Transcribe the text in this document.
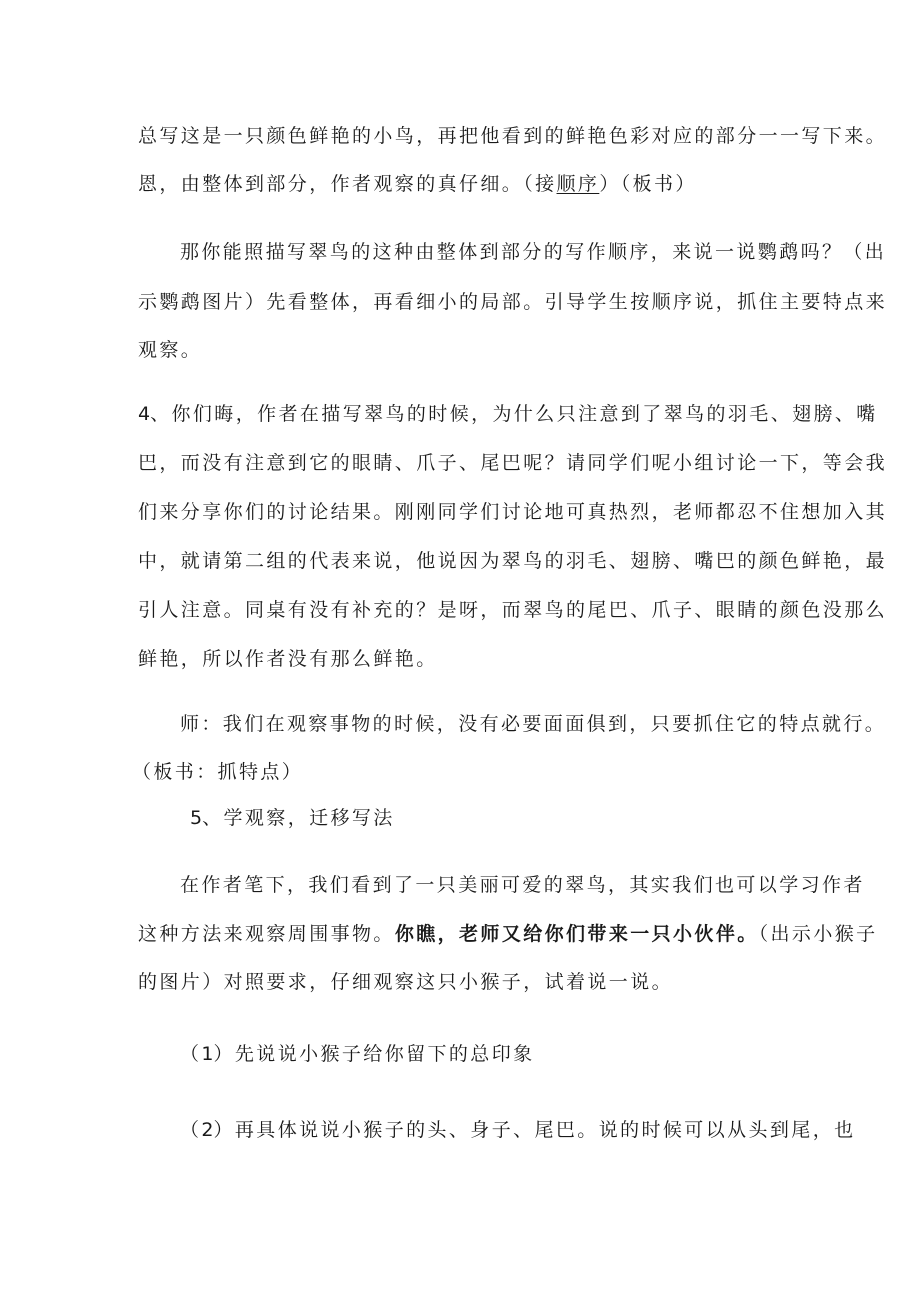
总写这是一只颜色鲜艳的小鸟，再把他看到的鲜艳色彩对应的部分一一写下来。
恩，由整体到部分，作者观察的真仔细。（接顺序）（板书）
那你能照描写翠鸟的这种由整体到部分的写作顺序，来说一说鹦鹉吗？（出
示鹦鹉图片）先看整体，再看细小的局部。引导学生按顺序说，抓住主要特点来
观察。
4、你们晦，作者在描写翠鸟的时候，为什么只注意到了翠鸟的羽毛、翅膀、嘴
巴，而没有注意到它的眼睛、爪子、尾巴呢？请同学们呢小组讨论一下，等会我
们来分享你们的讨论结果。刚刚同学们讨论地可真热烈，老师都忍不住想加入其
中，就请第二组的代表来说，他说因为翠鸟的羽毛、翅膀、嘴巴的颜色鲜艳，最
引人注意。同桌有没有补充的？是呀，而翠鸟的尾巴、爪子、眼睛的颜色没那么
鲜艳，所以作者没有那么鲜艳。
师：我们在观察事物的时候，没有必要面面俱到，只要抓住它的特点就行。
（板书：抓特点）
5、学观察，迁移写法
在作者笔下，我们看到了一只美丽可爱的翠鸟，其实我们也可以学习作者
这种方法来观察周围事物。你瞧，老师又给你们带来一只小伙伴。（出示小猴子
的图片）对照要求，仔细观察这只小猴子，试着说一说。
（1）先说说小猴子给你留下的总印象
（2）再具体说说小猴子的头、身子、尾巴。说的时候可以从头到尾，也
